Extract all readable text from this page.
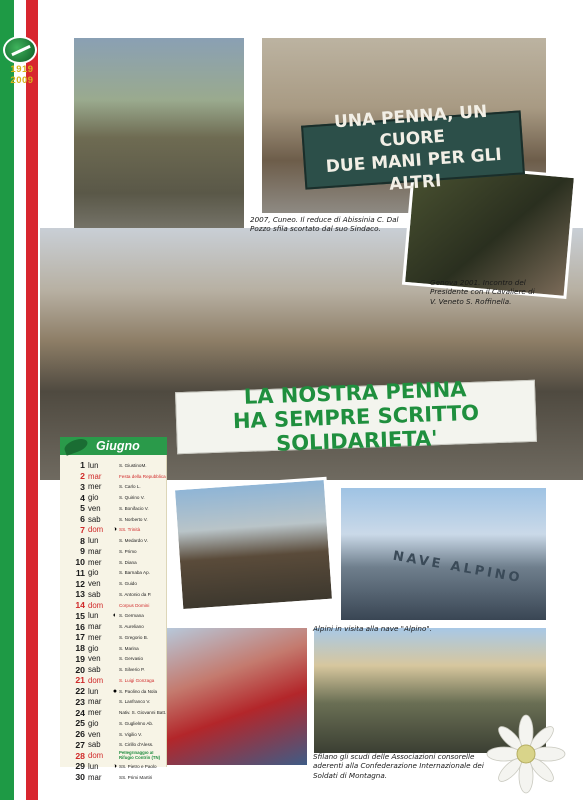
1919
2009
UNA PENNA, UN CUORE
DUE MANI PER GLI ALTRI
LA NOSTRA PENNA
HA SEMPRE SCRITTO
SOLIDARIETA'
NAVE ALPINO
2007, Cuneo. Il reduce di Abissinia C. Dal Pozzo sfila scortato dal suo Sindaco.
Genova 2001. Incontro del Presidente con il Cavaliere di V. Veneto S. Roffinella.
Alpini in visita alla nave "Alpino".
Sfilano gli scudi delle Associazioni consorelle aderenti alla Confederazione Internazionale dei Soldati di Montagna.
Giugno
1 lun	S. GiustinoM.
2 mar	Festa della Repubblica
3 mer	S. Carlo L.
4 gio	S. Quirino V.
5 ven	S. Bonifacio V.
6 sab	S. Norberto V.
7 dom	◑ SS. Trinità
8 lun	S. Medardo V.
9 mar	S. Primo
10 mer	S. Diana
11 gio	S. Barnaba Ap.
12 ven	S. Guido
13 sab	S. Antonio da P.
14 dom	Corpus Domini
15 lun	◐ S. Germana
16 mar	S. Aureliano
17 mer	S. Gregorio B.
18 gio	S. Marina
19 ven	S. Gervasio
20 sab	S. Silverio P.
21 dom	S. Luigi Gonzaga
22 lun	● S. Paolino da Nola
23 mar	S. Lanfranco V.
24 mer	Nativ. S. Giovanni Batt.
25 gio	S. Guglielmo Ab.
26 ven	S. Vigilio V.
27 sab	S. Cirillo d'Aless.
28 dom	Pellegrinaggio al Rifugio Contrin (TN)
29 lun	◑ SS. Pietro e Paolo
30 mar	SS. Primi Martiri
